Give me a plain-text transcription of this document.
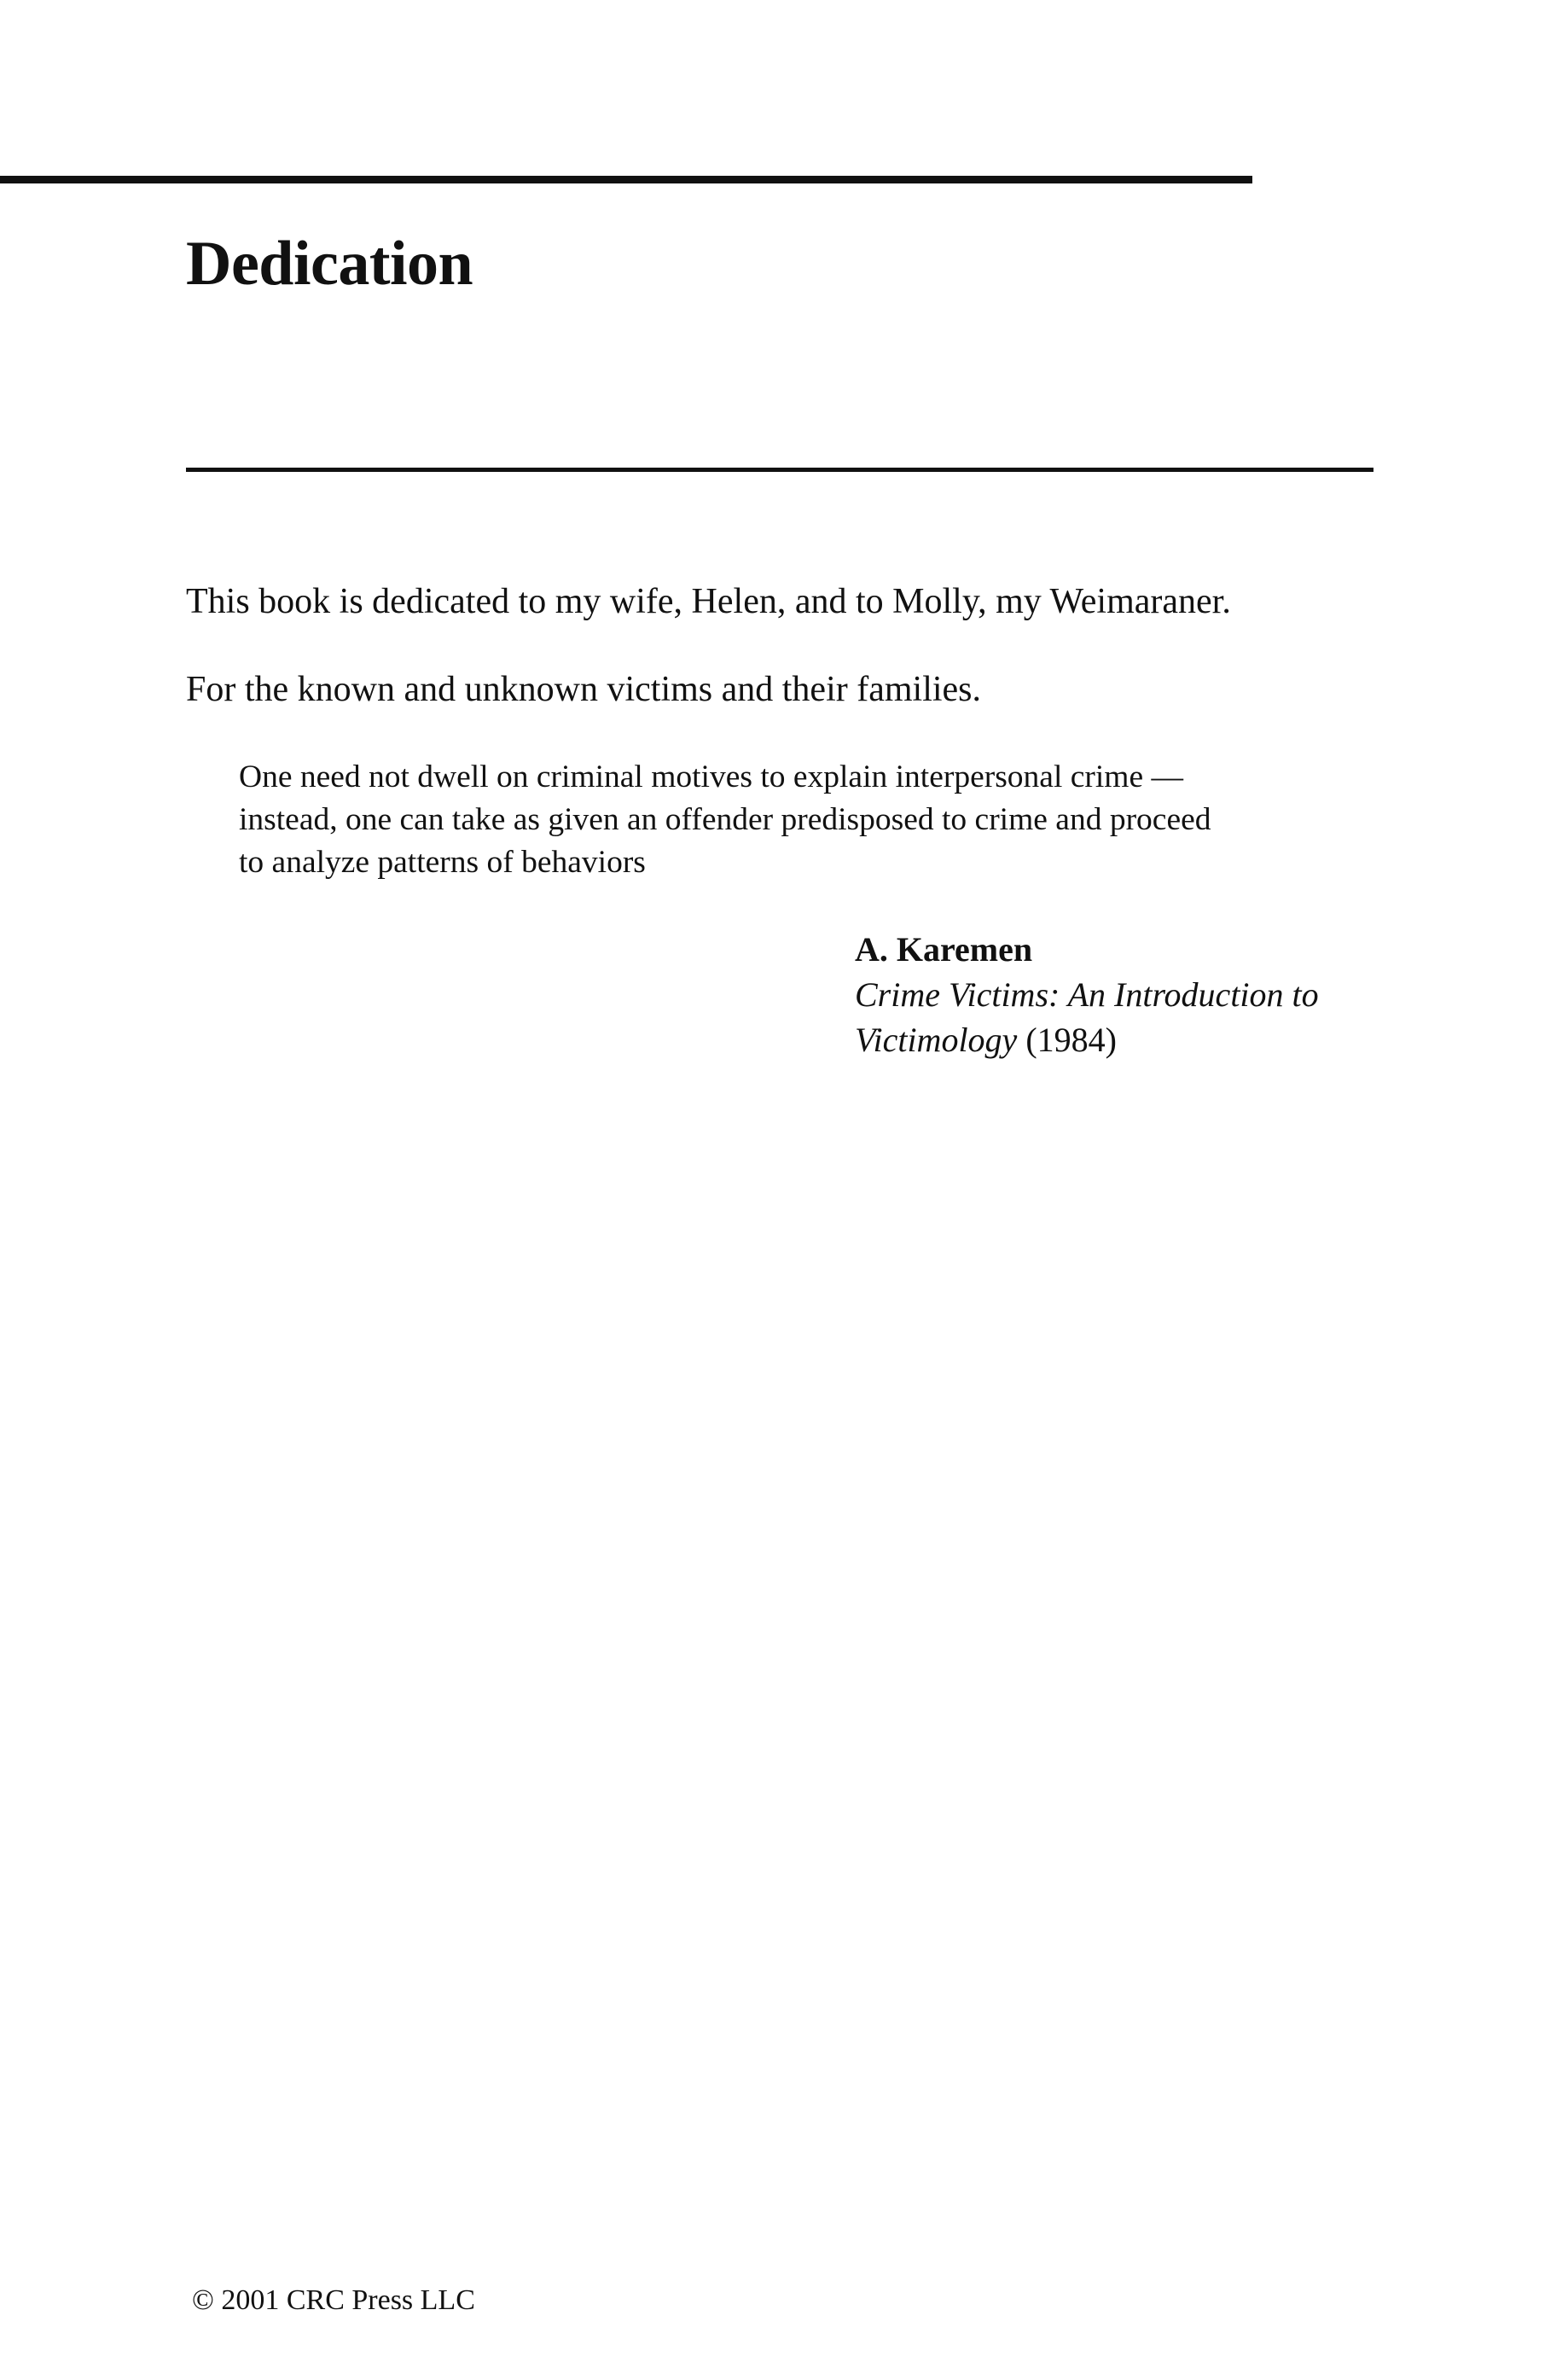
Dedication

This book is dedicated to my wife, Helen, and to Molly, my Weimaraner.

For the known and unknown victims and their families.

One need not dwell on criminal motives to explain interpersonal crime —
instead, one can take as given an offender predisposed to crime and proceed
to analyze patterns of behaviors
A. Karemen
Crime Victims: An Introduction to
Victimology (1984)
© 2001 CRC Press LLC
